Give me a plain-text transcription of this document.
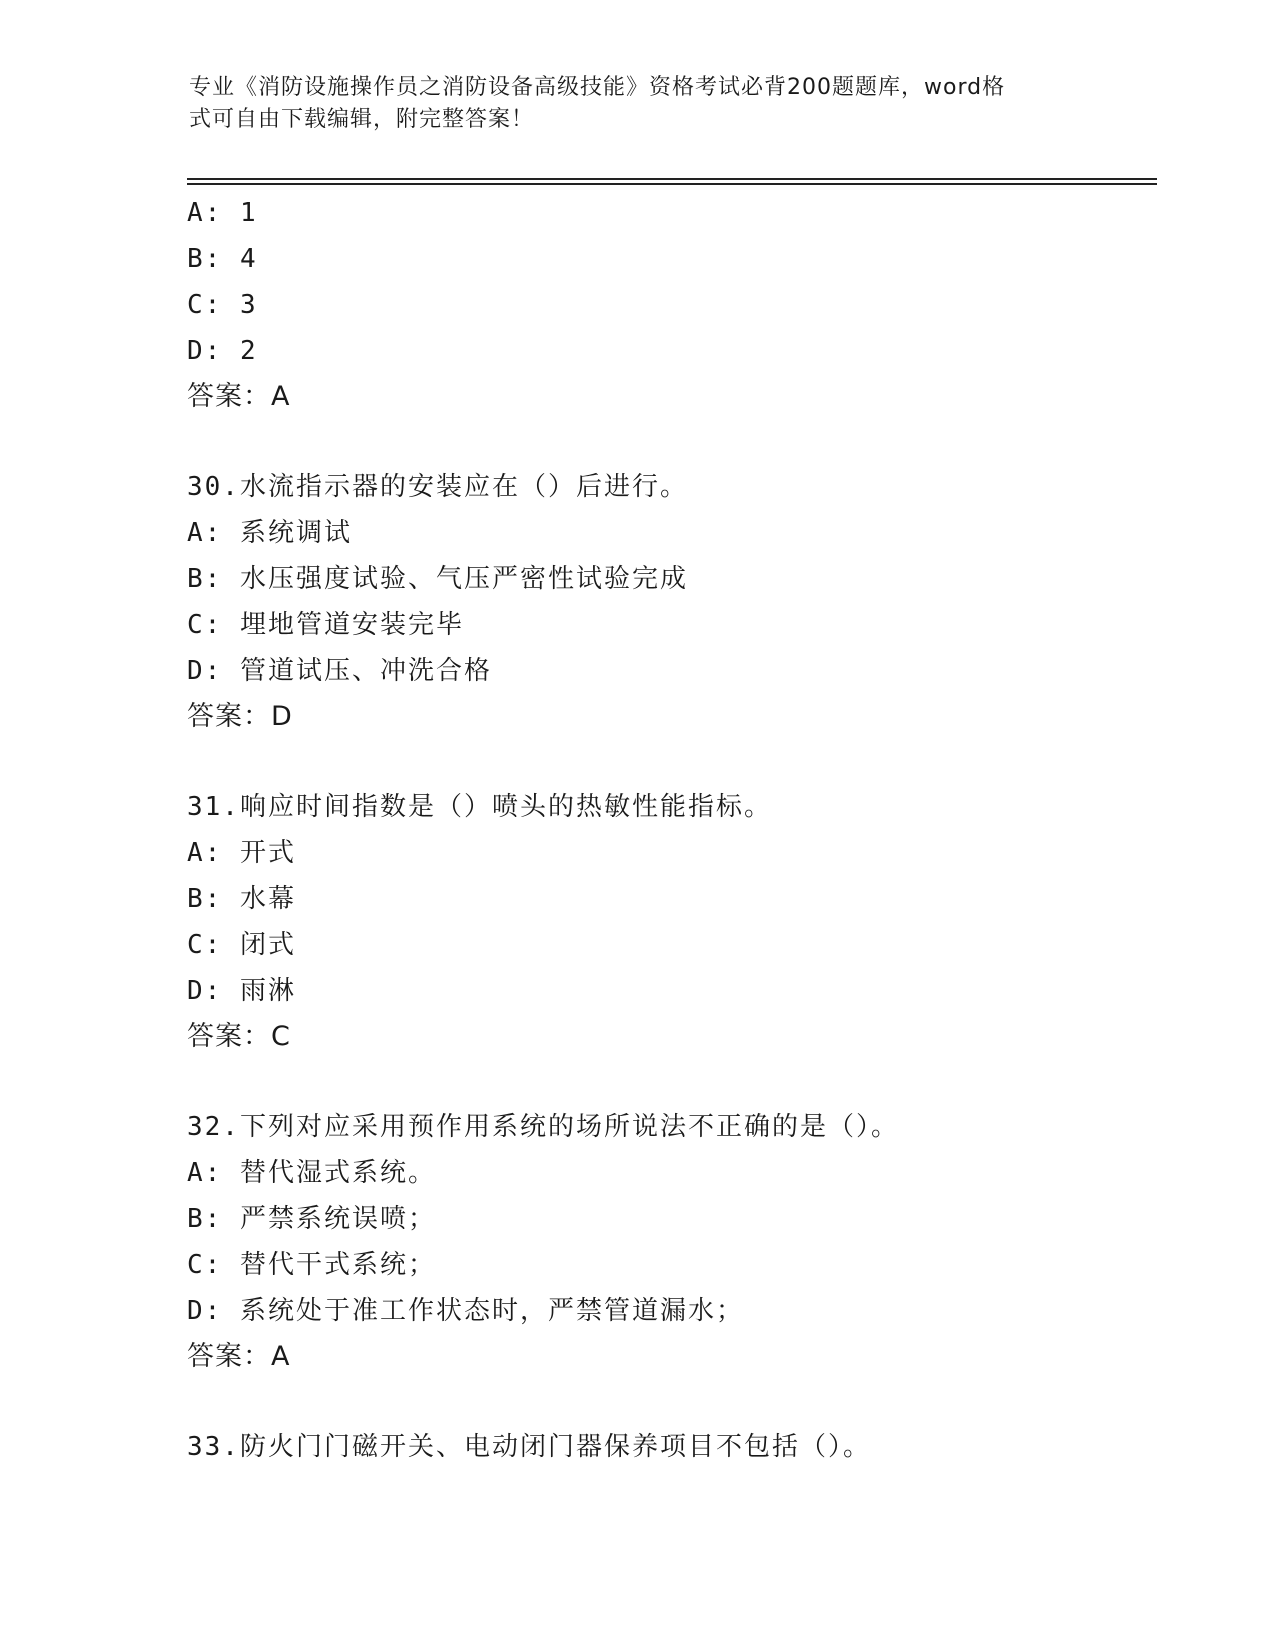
专业《消防设施操作员之消防设备高级技能》资格考试必背200题题库，word格
式可自由下载编辑，附完整答案！
A: 1
B: 4
C: 3
D: 2
答案：A
30.水流指示器的安装应在（）后进行。
A: 系统调试
B: 水压强度试验、气压严密性试验完成
C: 埋地管道安装完毕
D: 管道试压、冲洗合格
答案：D
31.响应时间指数是（）喷头的热敏性能指标。
A: 开式
B: 水幕
C: 闭式
D: 雨淋
答案：C
32.下列对应采用预作用系统的场所说法不正确的是（）。
A: 替代湿式系统。
B: 严禁系统误喷；
C: 替代干式系统；
D: 系统处于准工作状态时，严禁管道漏水；
答案：A
33.防火门门磁开关、电动闭门器保养项目不包括（）。
